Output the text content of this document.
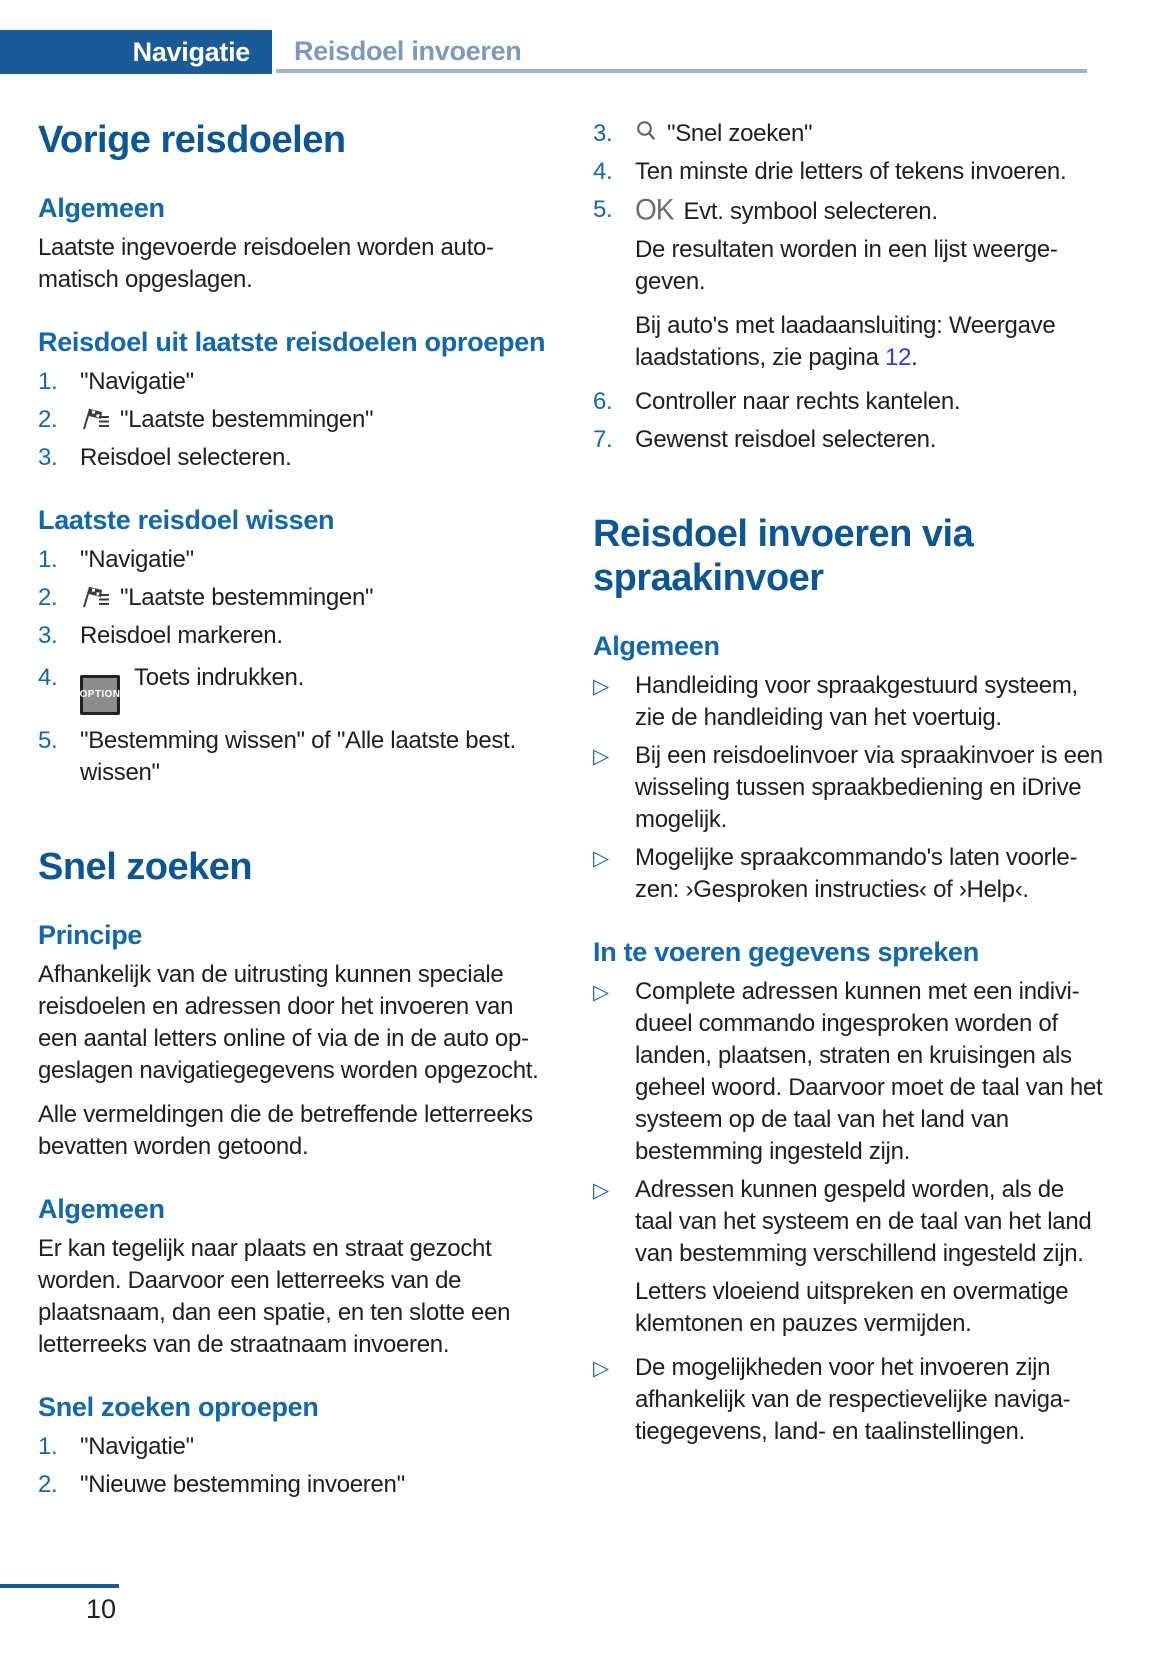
Navigatie	Reisdoel invoeren
Vorige reisdoelen
Algemeen

Laatste ingevoerde reisdoelen worden automatisch opgeslagen.

Reisdoel uit laatste reisdoelen oproepen
1. "Navigatie"
2.	"Laatste bestemmingen"
3. Reisdoel selecteren.
Laatste reisdoel wissen
1. "Navigatie"
2.	"Laatste bestemmingen"
3. Reisdoel markeren.
4.
OPTIONToets indrukken.
5. "Bestemming wissen" of "Alle laatste best. wissen"
Snel zoeken
Principe

Afhankelijk van de uitrusting kunnen speciale reisdoelen en adressen door het invoeren van een aantal letters online of via de in de auto opgeslagen navigatiegegevens worden opgezocht.

Alle vermeldingen die de betreffende letterreeks bevatten worden getoond.

Algemeen

Er kan tegelijk naar plaats en straat gezocht worden. Daarvoor een letterreeks van de plaatsnaam, dan een spatie, en ten slotte een letterreeks van de straatnaam invoeren.

Snel zoeken oproepen
1. "Navigatie"
2. "Nieuwe bestemming invoeren"
3.	"Snel zoeken"
4. Ten minste drie letters of tekens invoeren.
5. OK Evt. symbool selecteren.

De resultaten worden in een lijst weergegeven.

Bij auto's met laadaansluiting: Weergave laadstations, zie pagina 12.

6. Controller naar rechts kantelen.
7. Gewenst reisdoel selecteren.
Reisdoel invoeren via spraakinvoer
Algemeen
▷	Handleiding voor spraakgestuurd systeem, zie de handleiding van het voertuig.
▷	Bij een reisdoelinvoer via spraakinvoer is een wisseling tussen spraakbediening en iDrive mogelijk.
▷	Mogelijke spraakcommando's laten voorlezen: ›Gesproken instructies‹ of ›Help‹.
In te voeren gegevens spreken
▷	Complete adressen kunnen met een individueel commando ingesproken worden of landen, plaatsen, straten en kruisingen als geheel woord. Daarvoor moet de taal van het systeem op de taal van het land van bestemming ingesteld zijn.
▷	Adressen kunnen gespeld worden, als de taal van het systeem en de taal van het land van bestemming verschillend ingesteld zijn.

Letters vloeiend uitspreken en overmatige klemtonen en pauzes vermijden.

▷	De mogelijkheden voor het invoeren zijn afhankelijk van de respectievelijke navigatiegegevens, land- en taalinstellingen.
10
